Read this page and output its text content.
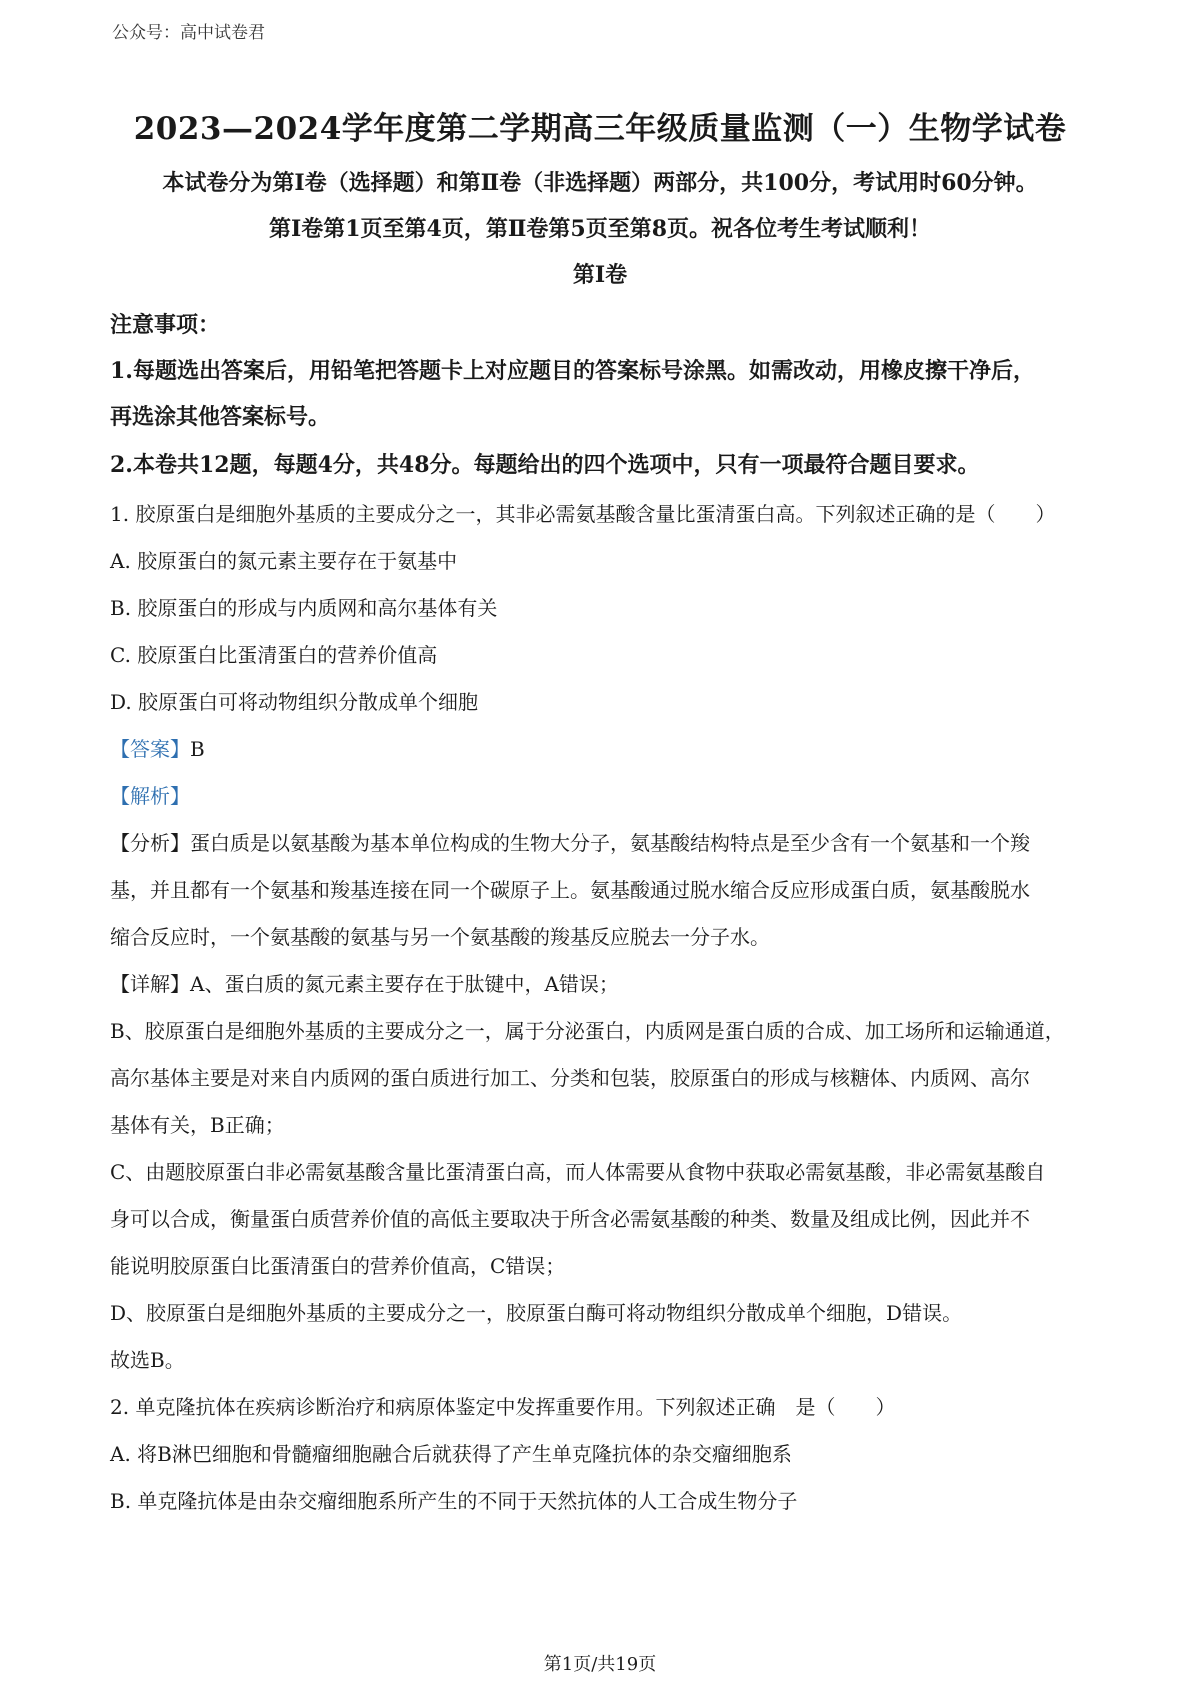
公众号：高中试卷君
2023—2024学年度第二学期高三年级质量监测（一）生物学试卷
本试卷分为第Ⅰ卷（选择题）和第Ⅱ卷（非选择题）两部分，共100分，考试用时60分钟。
第Ⅰ卷第1页至第4页，第Ⅱ卷第5页至第8页。祝各位考生考试顺利！
第Ⅰ卷
注意事项：
1.每题选出答案后，用铅笔把答题卡上对应题目的答案标号涂黑。如需改动，用橡皮擦干净后，
再选涂其他答案标号。
2.本卷共12题，每题4分，共48分。每题给出的四个选项中，只有一项最符合题目要求。
1. 胶原蛋白是细胞外基质的主要成分之一，其非必需氨基酸含量比蛋清蛋白高。下列叙述正确的是（　　）
A. 胶原蛋白的氮元素主要存在于氨基中
B. 胶原蛋白的形成与内质网和高尔基体有关
C. 胶原蛋白比蛋清蛋白的营养价值高
D. 胶原蛋白可将动物组织分散成单个细胞
【答案】B
【解析】
【分析】蛋白质是以氨基酸为基本单位构成的生物大分子，氨基酸结构特点是至少含有一个氨基和一个羧
基，并且都有一个氨基和羧基连接在同一个碳原子上。氨基酸通过脱水缩合反应形成蛋白质，氨基酸脱水
缩合反应时，一个氨基酸的氨基与另一个氨基酸的羧基反应脱去一分子水。
【详解】A、蛋白质的氮元素主要存在于肽键中，A错误；
B、胶原蛋白是细胞外基质的主要成分之一，属于分泌蛋白，内质网是蛋白质的合成、加工场所和运输通道，
高尔基体主要是对来自内质网的蛋白质进行加工、分类和包装，胶原蛋白的形成与核糖体、内质网、高尔
基体有关，B正确；
C、由题胶原蛋白非必需氨基酸含量比蛋清蛋白高，而人体需要从食物中获取必需氨基酸，非必需氨基酸自
身可以合成，衡量蛋白质营养价值的高低主要取决于所含必需氨基酸的种类、数量及组成比例，因此并不
能说明胶原蛋白比蛋清蛋白的营养价值高，C错误；
D、胶原蛋白是细胞外基质的主要成分之一，胶原蛋白酶可将动物组织分散成单个细胞，D错误。
故选B。
2. 单克隆抗体在疾病诊断治疗和病原体鉴定中发挥重要作用。下列叙述正确　是（　　）
A. 将B淋巴细胞和骨髓瘤细胞融合后就获得了产生单克隆抗体的杂交瘤细胞系
B. 单克隆抗体是由杂交瘤细胞系所产生的不同于天然抗体的人工合成生物分子
第1页/共19页
